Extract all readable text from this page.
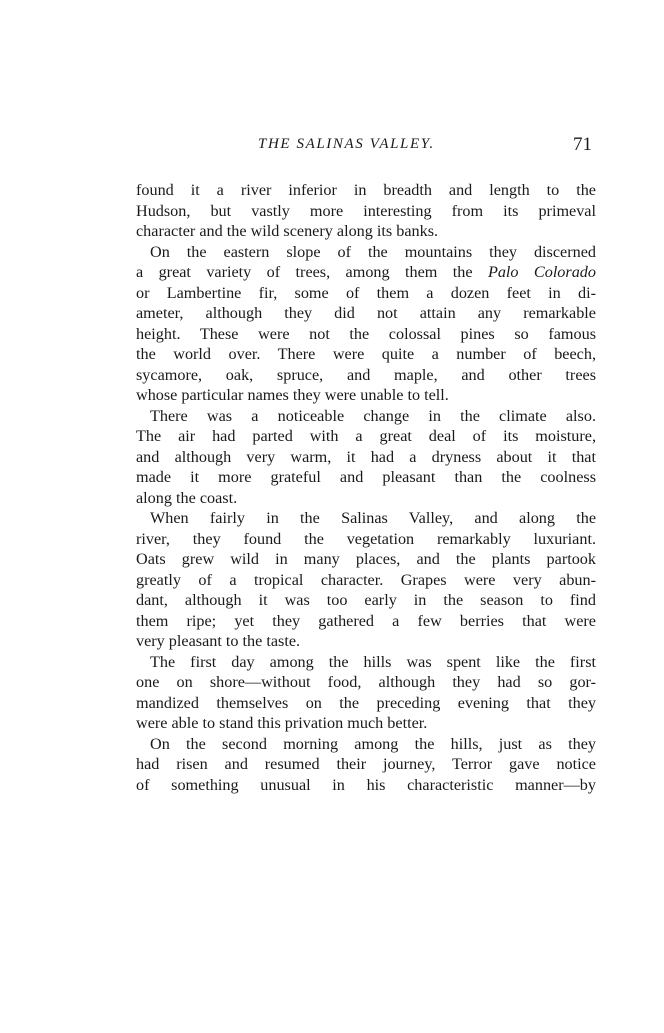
THE SALINAS VALLEY.	71
found it a river inferior in breadth and length to the
Hudson, but vastly more interesting from its primeval
character and the wild scenery along its banks.
On the eastern slope of the mountains they discerned
a great variety of trees, among them the Palo Colorado
or Lambertine fir, some of them a dozen feet in di-
ameter, although they did not attain any remarkable
height. These were not the colossal pines so famous
the world over. There were quite a number of beech,
sycamore, oak, spruce, and maple, and other trees
whose particular names they were unable to tell.
There was a noticeable change in the climate also.
The air had parted with a great deal of its moisture,
and although very warm, it had a dryness about it that
made it more grateful and pleasant than the coolness
along the coast.
When fairly in the Salinas Valley, and along the
river, they found the vegetation remarkably luxuriant.
Oats grew wild in many places, and the plants partook
greatly of a tropical character. Grapes were very abun-
dant, although it was too early in the season to find
them ripe; yet they gathered a few berries that were
very pleasant to the taste.
The first day among the hills was spent like the first
one on shore—without food, although they had so gor-
mandized themselves on the preceding evening that they
were able to stand this privation much better.
On the second morning among the hills, just as they
had risen and resumed their journey, Terror gave notice
of something unusual in his characteristic manner—by
